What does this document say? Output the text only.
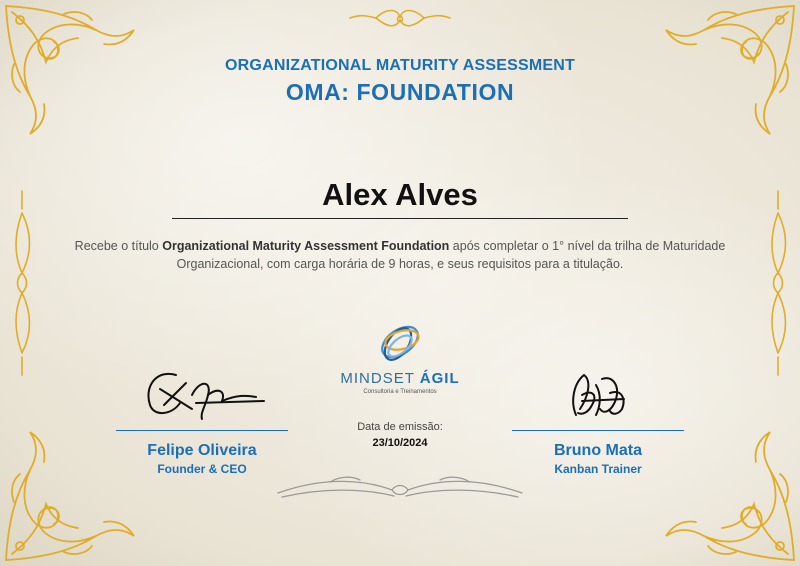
ORGANIZATIONAL MATURITY ASSESSMENT
OMA: FOUNDATION
Alex Alves
Recebe o título Organizational Maturity Assessment Foundation após completar o 1° nível da trilha de Maturidade Organizacional, com carga horária de 9 horas, e seus requisitos para a titulação.
MINDSET ÁGIL
Consultoria e Treinamentos
Data de emissão:
23/10/2024
Felipe Oliveira
Founder & CEO
Bruno Mata
Kanban Trainer
